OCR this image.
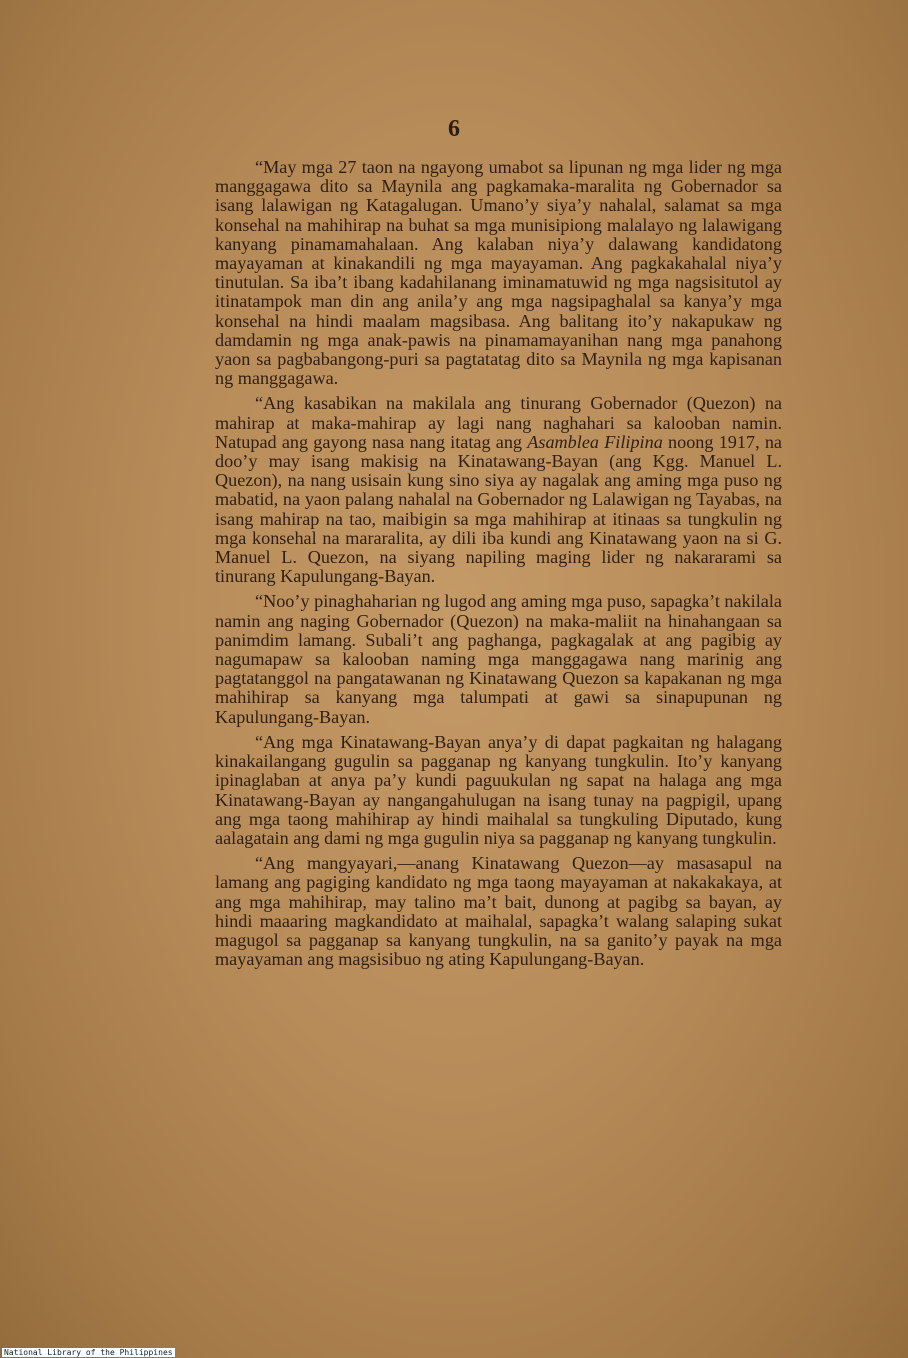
6

“May mga 27 taon na ngayong umabot sa lipunan ng mga lider ng mga manggagawa dito sa Maynila ang pagkamaka-maralita ng Gobernador sa isang lalawigan ng Katagalugan. Umano’y siya’y nahalal, salamat sa mga konsehal na mahihirap na buhat sa mga munisipiong malalayo ng lalawigang kanyang pinamamahalaan. Ang kalaban niya’y dalawang kandidatong mayayaman at kinakandili ng mga mayayaman. Ang pagkakahalal niya’y tinutulan. Sa iba’t ibang kadahilanang iminamatuwid ng mga nagsisitutol ay itinatampok man din ang anila’y ang mga nagsipaghalal sa kanya’y mga konsehal na hindi maalam magsibasa. Ang balitang ito’y nakapukaw ng damdamin ng mga anak-pawis na pinamamayanihan nang mga panahong yaon sa pagbabangong-puri sa pagtatatag dito sa Maynila ng mga kapisanan ng manggagawa.

“Ang kasabikan na makilala ang tinurang Gobernador (Quezon) na mahirap at maka-mahirap ay lagi nang naghahari sa kalooban namin. Natupad ang gayong nasa nang itatag ang Asamblea Filipina noong 1917, na doo’y may isang makisig na Kinatawang-Bayan (ang Kgg. Manuel L. Quezon), na nang usisain kung sino siya ay nagalak ang aming mga puso ng mabatid, na yaon palang nahalal na Gobernador ng Lalawigan ng Tayabas, na isang mahirap na tao, maibigin sa mga mahihirap at itinaas sa tungkulin ng mga konsehal na mararalita, ay dili iba kundi ang Kinatawang yaon na si G. Manuel L. Quezon, na siyang napiling maging lider ng nakararami sa tinurang Kapulungang-Bayan.

“Noo’y pinaghaharian ng lugod ang aming mga puso, sapagka’t nakilala namin ang naging Gobernador (Quezon) na maka-maliit na hinahangaan sa panimdim lamang. Subali’t ang paghanga, pagkagalak at ang pagibig ay nagumapaw sa kalooban naming mga manggagawa nang marinig ang pagtatanggol na pangatawanan ng Kinatawang Quezon sa kapakanan ng mga mahihirap sa kanyang mga talumpati at gawi sa sinapupunan ng Kapulungang-Bayan.

“Ang mga Kinatawang-Bayan anya’y di dapat pagkaitan ng halagang kinakailangang gugulin sa pagganap ng kanyang tungkulin. Ito’y kanyang ipinaglaban at anya pa’y kundi paguukulan ng sapat na halaga ang mga Kinatawang-Bayan ay nangangahulugan na isang tunay na pagpigil, upang ang mga taong mahihirap ay hindi maihalal sa tungkuling Diputado, kung aalagatain ang dami ng mga gugulin niya sa pagganap ng kanyang tungkulin.

“Ang mangyayari,—anang Kinatawang Quezon—ay masasapul na lamang ang pagiging kandidato ng mga taong mayayaman at nakakakaya, at ang mga mahihirap, may talino ma’t bait, dunong at pagibg sa bayan, ay hindi maaaring magkandidato at maihalal, sapagka’t walang salaping sukat magugol sa pagganap sa kanyang tungkulin, na sa ganito’y payak na mga mayayaman ang magsisibuo ng ating Kapulungang-Bayan.

National Library of the Philippines
